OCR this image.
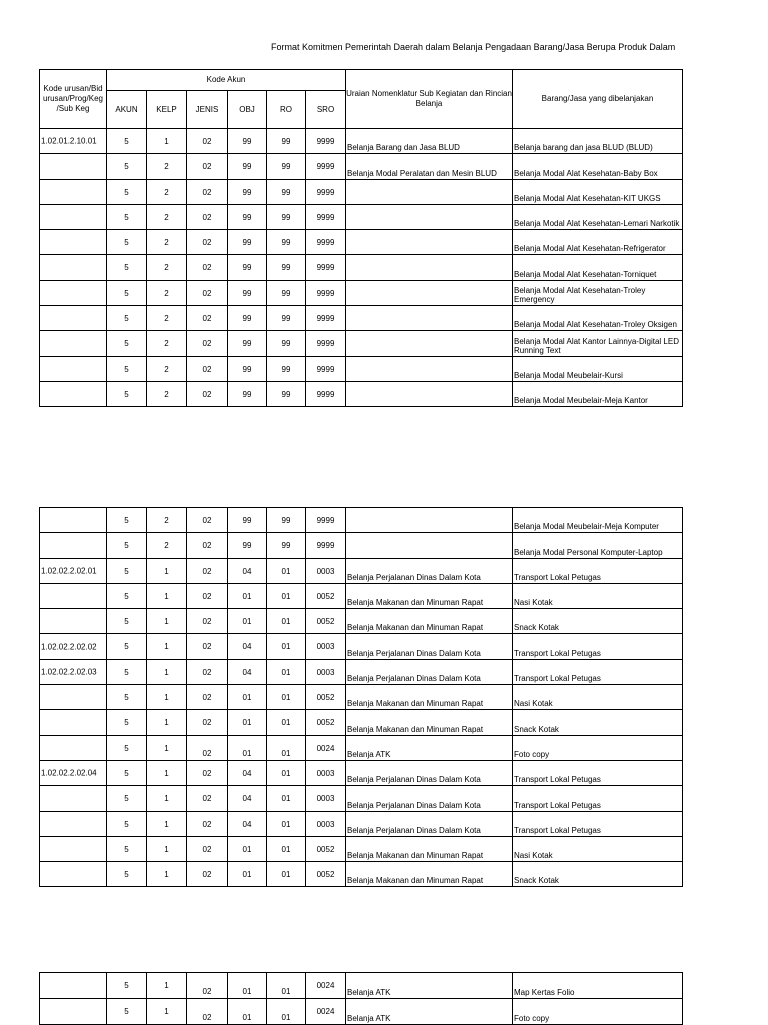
Format Komitmen Pemerintah Daerah dalam Belanja Pengadaan Barang/Jasa Berupa Produk Dalam
Kode urusan/Bid urusan/Prog/Keg /Sub Keg	Kode Akun						Uraian Nomenklatur Sub Kegiatan dan Rincian Belanja	Barang/Jasa yang dibelanjakan
	AKUN	KELP	JENIS	OBJ	RO	SRO		

1.02.01.2.10.01	5	1	02	99	99	9999	Belanja Barang dan Jasa BLUD	Belanja barang dan jasa BLUD (BLUD)

	5	2	02	99	99	9999	Belanja Modal Peralatan dan Mesin BLUD	Belanja Modal Alat Kesehatan-Baby Box

	5	2	02	99	99	9999		Belanja Modal Alat Kesehatan-KIT UKGS

	5	2	02	99	99	9999		Belanja Modal Alat Kesehatan-Lemari Narkotik

	5	2	02	99	99	9999		Belanja Modal Alat Kesehatan-Refrigerator

	5	2	02	99	99	9999		Belanja Modal Alat Kesehatan-Torniquet

	5	2	02	99	99	9999		Belanja Modal Alat Kesehatan-Troley Emergency

	5	2	02	99	99	9999		Belanja Modal Alat Kesehatan-Troley Oksigen

	5	2	02	99	99	9999		Belanja Modal Alat Kantor Lainnya-Digital LED Running Text

	5	2	02	99	99	9999		Belanja Modal Meubelair-Kursi

	5	2	02	99	99	9999		Belanja Modal Meubelair-Meja Kantor

	5	2	02	99	99	9999		Belanja Modal Meubelair-Meja Komputer

	5	2	02	99	99	9999		Belanja Modal Personal Komputer-Laptop

1.02.02.2.02.01	5	1	02	04	01	0003	Belanja Perjalanan Dinas Dalam Kota	Transport Lokal Petugas

	5	1	02	01	01	0052	Belanja Makanan dan Minuman Rapat	Nasi Kotak

	5	1	02	01	01	0052	Belanja Makanan dan Minuman Rapat	Snack Kotak

1.02.02.2.02.02	5	1	02	04	01	0003	Belanja Perjalanan Dinas Dalam Kota	Transport Lokal Petugas

1.02.02.2.02.03	5	1	02	04	01	0003	Belanja Perjalanan Dinas Dalam Kota	Transport Lokal Petugas

	5	1	02	01	01	0052	Belanja Makanan dan Minuman Rapat	Nasi Kotak

	5	1	02	01	01	0052	Belanja Makanan dan Minuman Rapat	Snack Kotak

	5	1	02	01	01	0024	Belanja ATK	Foto copy

1.02.02.2.02.04	5	1	02	04	01	0003	Belanja Perjalanan Dinas Dalam Kota	Transport Lokal Petugas

	5	1	02	04	01	0003	Belanja Perjalanan Dinas Dalam Kota	Transport Lokal Petugas

	5	1	02	04	01	0003	Belanja Perjalanan Dinas Dalam Kota	Transport Lokal Petugas

	5	1	02	01	01	0052	Belanja Makanan dan Minuman Rapat	Nasi Kotak

	5	1	02	01	01	0052	Belanja Makanan dan Minuman Rapat	Snack Kotak

	5	1	02	01	01	0024	Belanja ATK	Map Kertas Folio

	5	1	02	01	01	0024	Belanja ATK	Foto copy
